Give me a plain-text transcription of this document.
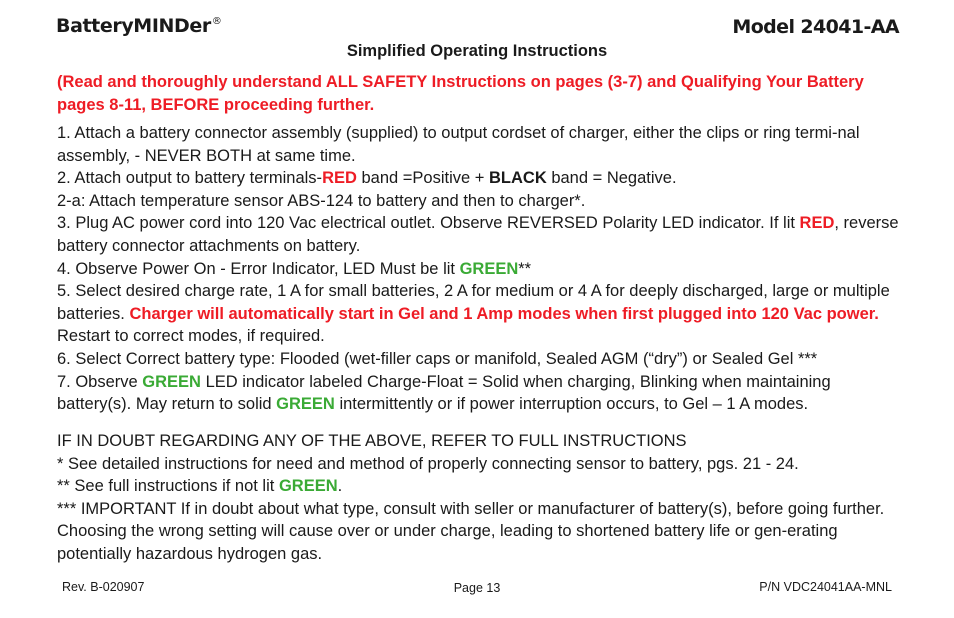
BatteryMINDer®	Model 24041-AA
Simplified Operating Instructions
(Read and thoroughly understand ALL SAFETY Instructions on pages (3-7) and Qualifying Your Battery pages 8-11, BEFORE proceeding further.

1. Attach a battery connector assembly (supplied) to output cordset of charger, either the clips or ring termi-nal assembly, - NEVER BOTH at same time.

2. Attach output to battery terminals-RED band =Positive + BLACK band = Negative.

2-a: Attach temperature sensor ABS-124 to battery and then to charger*.

3. Plug AC power cord into 120 Vac electrical outlet. Observe REVERSED Polarity LED indicator. If lit RED, reverse battery connector attachments on battery.

4. Observe Power On - Error Indicator, LED Must be lit GREEN**

5. Select desired charge rate, 1 A for small batteries, 2 A for medium or 4 A for deeply discharged, large or multiple batteries. Charger will automatically start in Gel and 1 Amp modes when first plugged into 120 Vac power. Restart to correct modes, if required.

6. Select Correct battery type: Flooded (wet-filler caps or manifold, Sealed AGM (“dry”) or Sealed Gel ***

7. Observe GREEN LED indicator labeled Charge-Float = Solid when charging, Blinking when maintaining battery(s). May return to solid GREEN intermittently or if power interruption occurs, to Gel – 1 A modes.

IF IN DOUBT REGARDING ANY OF THE ABOVE, REFER TO FULL INSTRUCTIONS

* See detailed instructions for need and method of properly connecting sensor to battery, pgs. 21 - 24.

** See full instructions if not lit GREEN.

*** IMPORTANT If in doubt about what type, consult with seller or manufacturer of battery(s), before going further. Choosing the wrong setting will cause over or under charge, leading to shortened battery life or gen-erating potentially hazardous hydrogen gas.

Rev. B-020907	Page 13	P/N VDC24041AA-MNL
